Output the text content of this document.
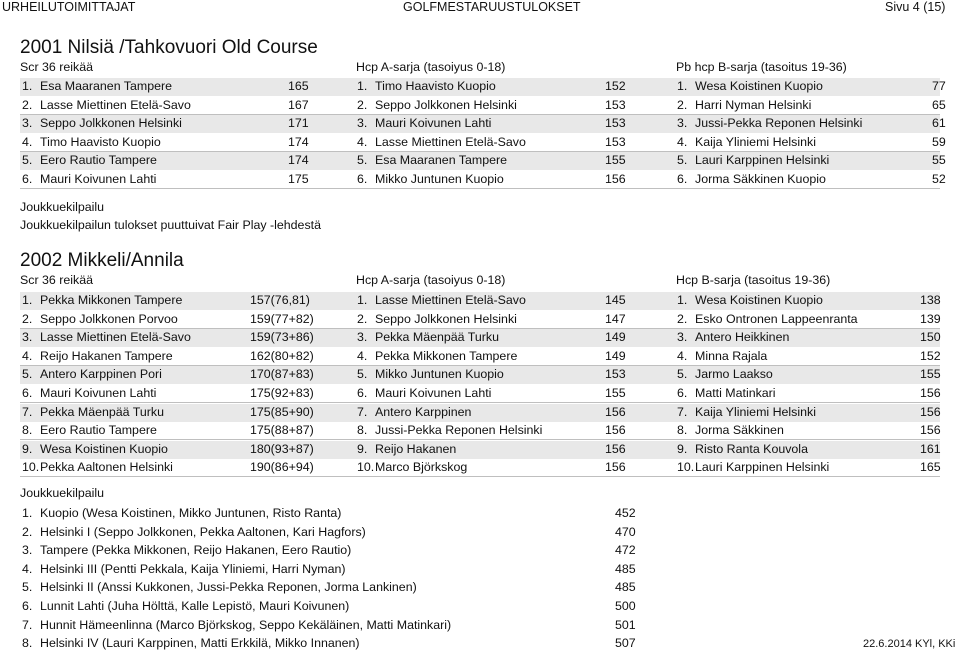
URHEILUTOIMITTAJAT	GOLFMESTARUUSTULOKSET	Sivu 4 (15)
2001 Nilsiä /Tahkovuori Old Course
Scr 36 reikää	Hcp A-sarja (tasoiyus 0-18)	Pb hcp B-sarja (tasoitus 19-36)
1. Esa Maaranen Tampere	165
2. Lasse Miettinen Etelä-Savo	167
3. Seppo Jolkkonen Helsinki	171
4. Timo Haavisto Kuopio	174
5. Eero Rautio Tampere	174
6. Mauri Koivunen Lahti	175
1. Timo Haavisto Kuopio	152
2. Seppo Jolkkonen Helsinki	153
3. Mauri Koivunen Lahti	153
4. Lasse Miettinen Etelä-Savo	153
5. Esa Maaranen Tampere	155
6. Mikko Juntunen Kuopio	156
1. Wesa Koistinen Kuopio	77
2. Harri Nyman Helsinki	65
3. Jussi-Pekka Reponen Helsinki	61
4. Kaija Yliniemi Helsinki	59
5. Lauri Karppinen Helsinki	55
6. Jorma Säkkinen Kuopio	52
Joukkuekilpailu
Joukkuekilpailun tulokset puuttuivat Fair Play -lehdestä
2002 Mikkeli/Annila
Scr 36 reikää	Hcp A-sarja (tasoiyus 0-18)	Hcp B-sarja (tasoitus 19-36)
1. Pekka Mikkonen Tampere	157(76,81)
2. Seppo Jolkkonen Porvoo	159(77+82)
3. Lasse Miettinen Etelä-Savo	159(73+86)
4. Reijo Hakanen Tampere	162(80+82)
5. Antero Karppinen Pori	170(87+83)
6. Mauri Koivunen Lahti	175(92+83)
7. Pekka Mäenpää Turku	175(85+90)
8. Eero Rautio Tampere	175(88+87)
9. Wesa Koistinen Kuopio	180(93+87)
10. Pekka Aaltonen Helsinki	190(86+94)
1. Lasse Miettinen Etelä-Savo	145
2. Seppo Jolkkonen Helsinki	147
3. Pekka Mäenpää Turku	149
4. Pekka Mikkonen Tampere	149
5. Mikko Juntunen Kuopio	153
6. Mauri Koivunen Lahti	155
7. Antero Karppinen	156
8. Jussi-Pekka Reponen Helsinki	156
9. Reijo Hakanen	156
10. Marco Björkskog	156
1. Wesa Koistinen Kuopio	138
2. Esko Ontronen Lappeenranta	139
3. Antero Heikkinen	150
4. Minna Rajala	152
5. Jarmo Laakso	155
6. Matti Matinkari	156
7. Kaija Yliniemi Helsinki	156
8. Jorma Säkkinen	156
9. Risto Ranta Kouvola	161
10. Lauri Karppinen Helsinki	165
Joukkuekilpailu
1. Kuopio (Wesa Koistinen, Mikko Juntunen, Risto Ranta)	452
2. Helsinki I (Seppo Jolkkonen, Pekka Aaltonen, Kari Hagfors)	470
3. Tampere (Pekka Mikkonen, Reijo Hakanen, Eero Rautio)	472
4. Helsinki III (Pentti Pekkala, Kaija Yliniemi, Harri Nyman)	485
5. Helsinki II (Anssi Kukkonen, Jussi-Pekka Reponen, Jorma Lankinen)	485
6. Lunnit Lahti (Juha Hölttä, Kalle Lepistö, Mauri Koivunen)	500
7. Hunnit Hämeenlinna (Marco Björkskog, Seppo Kekäläinen, Matti Matinkari)	501
8. Helsinki IV (Lauri Karppinen, Matti Erkkilä, Mikko Innanen)	507	22.6.2014 KYl, KKi
